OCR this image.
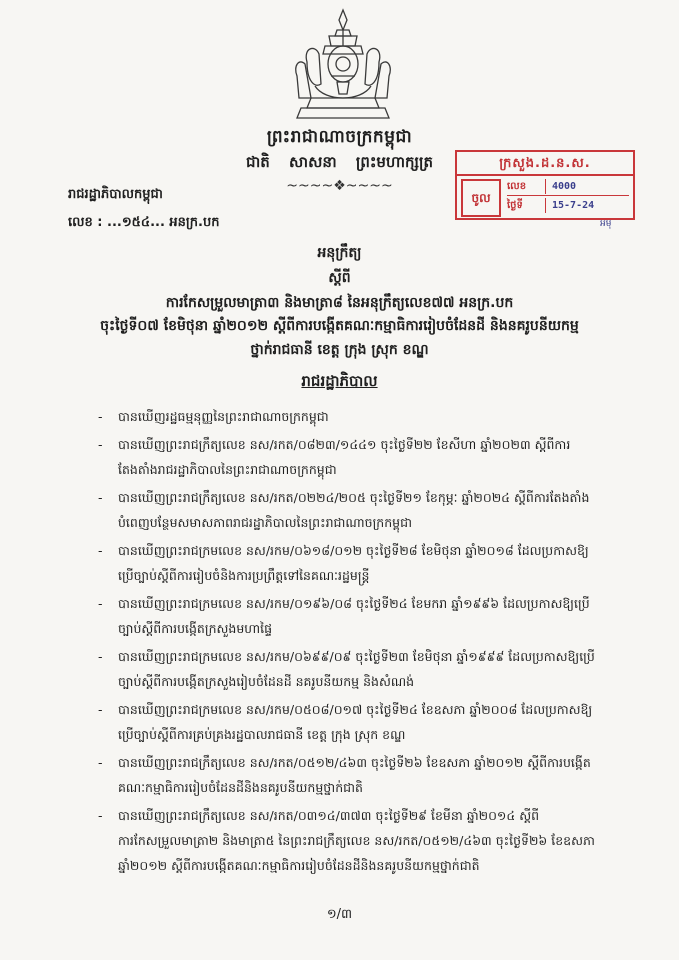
ព្រះរាជាណាចក្រកម្ពុជា
ជាតិ សាសនា ព្រះមហាក្សត្រ
~~~~❖~~~~
រាជរដ្ឋាភិបាលកម្ពុជា
លេខ : ...១៥៤... អនក្រ.បក
ក្រសួង.ដ.ន.ស.
ចូល
លេខ	4000
ថ្ងៃទី	15-7-24
អមុ
អនុក្រឹត្យ
ស្ដីពី
ការកែសម្រួលមាត្រា៣ និងមាត្រា៨ នៃអនុក្រឹត្យលេខ៧៧ អនក្រ.បក
ចុះថ្ងៃទី០៧ ខែមិថុនា ឆ្នាំ២០១២ ស្ដីពីការបង្កើតគណៈកម្មាធិការរៀបចំដែនដី និងនគរូបនីយកម្ម
ថ្នាក់រាជធានី ខេត្ត ក្រុង ស្រុក ខណ្ឌ
រាជរដ្ឋាភិបាល
- បានឃើញរដ្ឋធម្មនុញ្ញនៃព្រះរាជាណាចក្រកម្ពុជា
- បានឃើញព្រះរាជក្រឹត្យលេខ នស/រកត/០៨២៣/១៤៤១ ចុះថ្ងៃទី២២ ខែសីហា ឆ្នាំ២០២៣ ស្ដីពីការតែងតាំងរាជរដ្ឋាភិបាលនៃព្រះរាជាណាចក្រកម្ពុជា
- បានឃើញព្រះរាជក្រឹត្យលេខ នស/រកត/០២២៤/២០៥ ចុះថ្ងៃទី២១ ខែកុម្ភៈ ឆ្នាំ២០២៤ ស្ដីពីការតែងតាំងបំពេញបន្ថែមសមាសភាពរាជរដ្ឋាភិបាលនៃព្រះរាជាណាចក្រកម្ពុជា
- បានឃើញព្រះរាជក្រមលេខ នស/រកម/០៦១៨/០១២ ចុះថ្ងៃទី២៨ ខែមិថុនា ឆ្នាំ២០១៨ ដែលប្រកាសឱ្យប្រើច្បាប់ស្ដីពីការរៀបចំនិងការប្រព្រឹត្តទៅនៃគណៈរដ្ឋមន្ត្រី
- បានឃើញព្រះរាជក្រមលេខ នស/រកម/០១៩៦/០៨ ចុះថ្ងៃទី២៤ ខែមករា ឆ្នាំ១៩៩៦ ដែលប្រកាសឱ្យប្រើច្បាប់ស្ដីពីការបង្កើតក្រសួងមហាផ្ទៃ
- បានឃើញព្រះរាជក្រមលេខ នស/រកម/០៦៩៩/០៩ ចុះថ្ងៃទី២៣ ខែមិថុនា ឆ្នាំ១៩៩៩ ដែលប្រកាសឱ្យប្រើច្បាប់ស្ដីពីការបង្កើតក្រសួងរៀបចំដែនដី នគរូបនីយកម្ម និងសំណង់
- បានឃើញព្រះរាជក្រមលេខ នស/រកម/០៥០៨/០១៧ ចុះថ្ងៃទី២៤ ខែឧសភា ឆ្នាំ២០០៨ ដែលប្រកាសឱ្យប្រើច្បាប់ស្ដីពីការគ្រប់គ្រងរដ្ឋបាលរាជធានី ខេត្ត ក្រុង ស្រុក ខណ្ឌ
- បានឃើញព្រះរាជក្រឹត្យលេខ នស/រកត/០៥១២/៤៦៣ ចុះថ្ងៃទី២៦ ខែឧសភា ឆ្នាំ២០១២ ស្ដីពីការបង្កើតគណៈកម្មាធិការរៀបចំដែនដីនិងនគរូបនីយកម្មថ្នាក់ជាតិ
- បានឃើញព្រះរាជក្រឹត្យលេខ នស/រកត/០៣១៤/៣៧៣ ចុះថ្ងៃទី២៩ ខែមីនា ឆ្នាំ២០១៤ ស្ដីពីការកែសម្រួលមាត្រា២ និងមាត្រា៥ នៃព្រះរាជក្រឹត្យលេខ នស/រកត/០៥១២/៤៦៣ ចុះថ្ងៃទី២៦ ខែឧសភា ឆ្នាំ២០១២ ស្ដីពីការបង្កើតគណៈកម្មាធិការរៀបចំដែនដីនិងនគរូបនីយកម្មថ្នាក់ជាតិ
១/៣
